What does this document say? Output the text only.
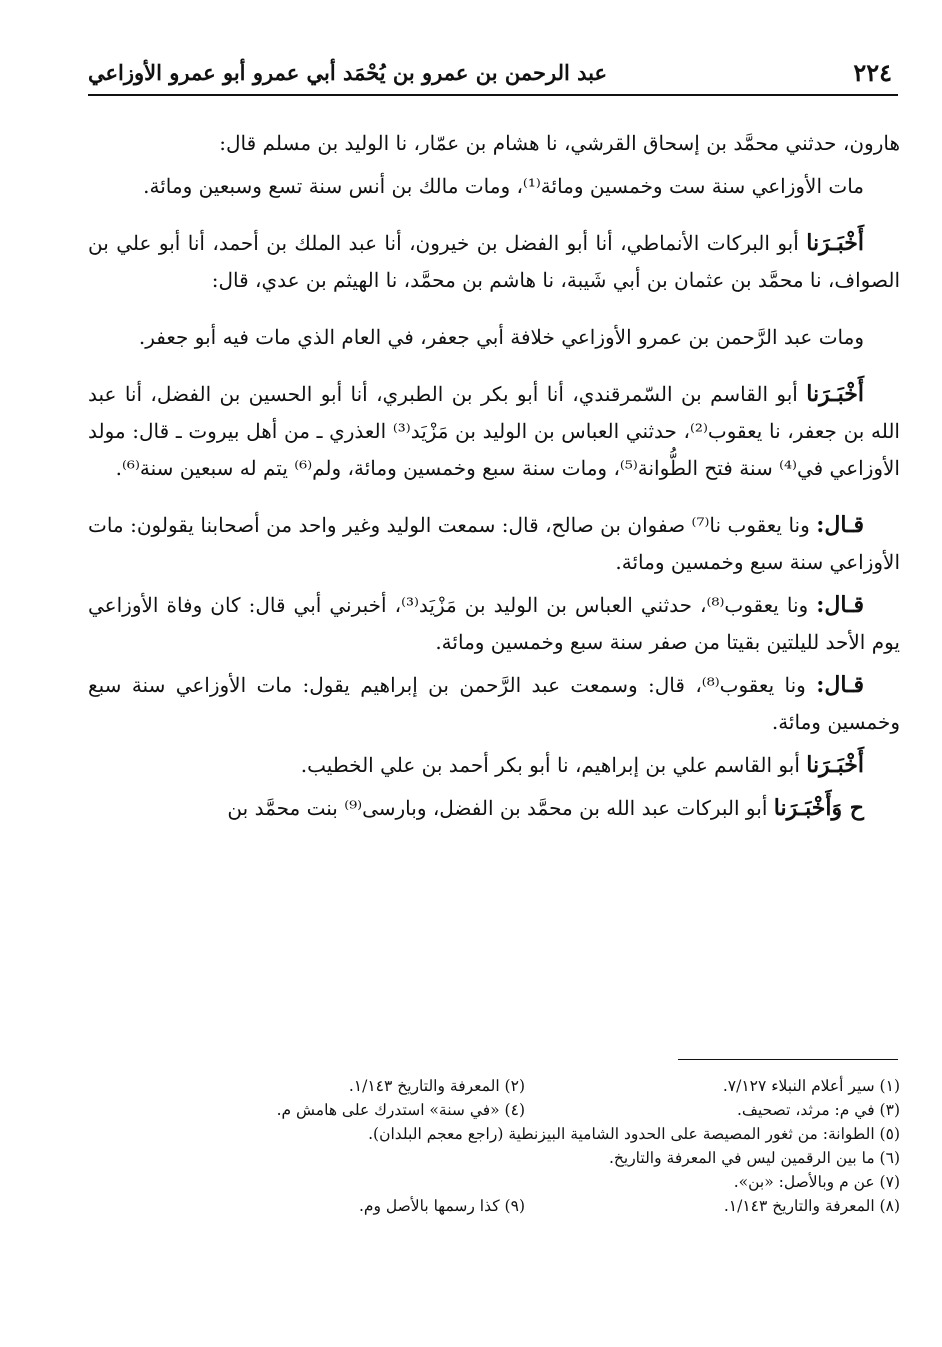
٢٢٤
عبد الرحمن بن عمرو بن يُحْمَد أبي عمرو أبو عمرو الأوزاعي

هارون، حدثني محمَّد بن إسحاق القرشي، نا هشام بن عمّار، نا الوليد بن مسلم قال:

مات الأوزاعي سنة ست وخمسين ومائة⁽¹⁾، ومات مالك بن أنس سنة تسع وسبعين ومائة.

أَخْبَـرَنا أبو البركات الأنماطي، أنا أبو الفضل بن خيرون، أنا عبد الملك بن أحمد، أنا أبو علي بن الصواف، نا محمَّد بن عثمان بن أبي شَيبة، نا هاشم بن محمَّد، نا الهيثم بن عدي، قال:

ومات عبد الرَّحمن بن عمرو الأوزاعي خلافة أبي جعفر، في العام الذي مات فيه أبو جعفر.

أَخْبَـرَنا أبو القاسم بن السّمرقندي، أنا أبو بكر بن الطبري، أنا أبو الحسين بن الفضل، أنا عبد الله بن جعفر، نا يعقوب⁽²⁾، حدثني العباس بن الوليد بن مَزْيَد⁽³⁾ العذري ـ من أهل بيروت ـ قال: مولد الأوزاعي في⁽⁴⁾ سنة فتح الطُّوانة⁽⁵⁾، ومات سنة سبع وخمسين ومائة، ولم⁽⁶⁾ يتم له سبعين سنة⁽⁶⁾.

قـال: ونا يعقوب نا⁽⁷⁾ صفوان بن صالح، قال: سمعت الوليد وغير واحد من أصحابنا يقولون: مات الأوزاعي سنة سبع وخمسين ومائة.

قـال: ونا يعقوب⁽⁸⁾، حدثني العباس بن الوليد بن مَزْيَد⁽³⁾، أخبرني أبي قال: كان وفاة الأوزاعي يوم الأحد لليلتين بقيتا من صفر سنة سبع وخمسين ومائة.

قـال: ونا يعقوب⁽⁸⁾، قال: وسمعت عبد الرَّحمن بن إبراهيم يقول: مات الأوزاعي سنة سبع وخمسين ومائة.

أَخْبَـرَنا أبو القاسم علي بن إبراهيم، نا أبو بكر أحمد بن علي الخطيب.

ح وَأَخْبَـرَنا أبو البركات عبد الله بن محمَّد بن الفضل، وبارسى⁽⁹⁾ بنت محمَّد بن

(١) سير أعلام النبلاء ٧/١٢٧.
(٢) المعرفة والتاريخ ١/١٤٣.
(٣) في م: مرثد، تصحيف.
(٤) «في سنة» استدرك على هامش م.
(٥) الطوانة: من ثغور المصيصة على الحدود الشامية البيزنطية (راجع معجم البلدان).
(٦) ما بين الرقمين ليس في المعرفة والتاريخ.
(٧) عن م وبالأصل: «بن».
(٨) المعرفة والتاريخ ١/١٤٣.
(٩) كذا رسمها بالأصل وم.
